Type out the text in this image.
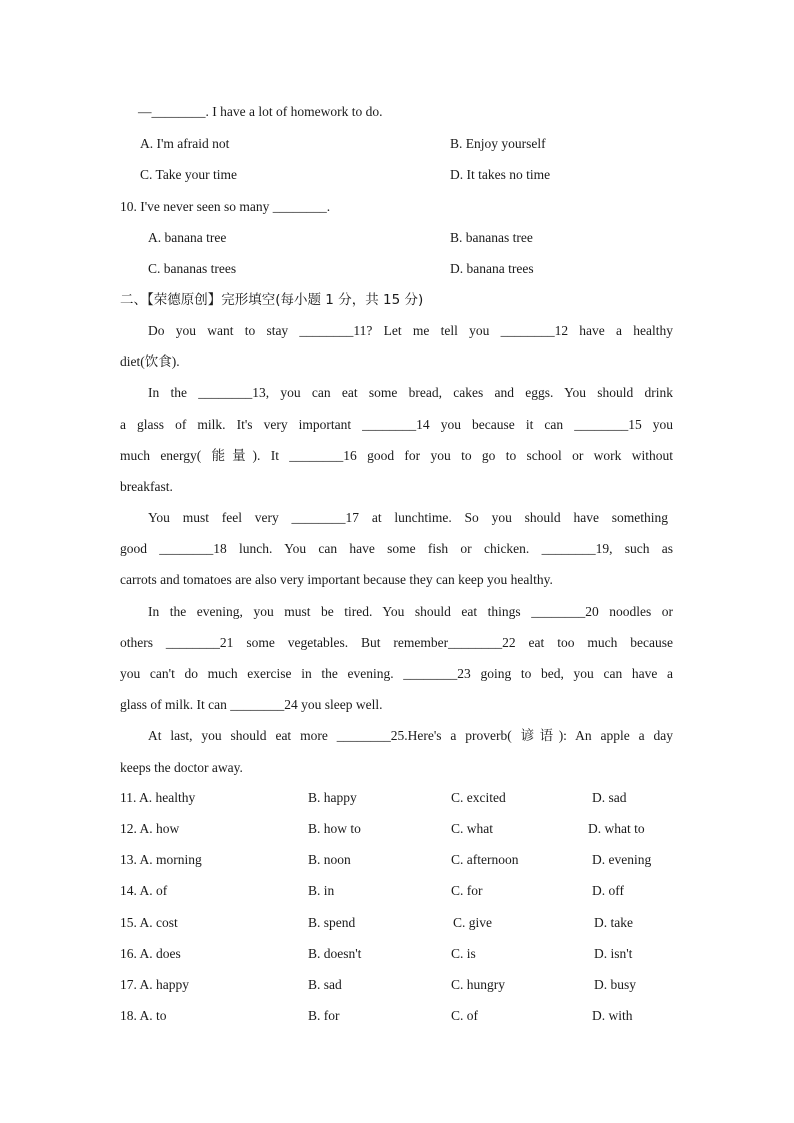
—________. I have a lot of homework to do.
A. I'm afraid not	B. Enjoy yourself
C. Take your time	D. It takes no time
10. I've never seen so many ________.
A. banana tree	B. bananas tree
C. bananas trees	D. banana trees
二、【荣德原创】完形填空(每小题 1 分，共 15 分)
Do you want to stay ________11? Let me tell you ________12 have a healthy
diet(饮食).
In the ________13, you can eat some bread, cakes and eggs. You should drink
a glass of milk. It's very important ________14 you because it can ________15 you
much energy( 能量). It ________16 good for you to go to school or work without
breakfast.
You must feel very ________17 at lunchtime. So you should have something
good ________18 lunch. You can have some fish or chicken. ________19, such as
carrots and tomatoes are also very important because they can keep you healthy.
In the evening, you must be tired. You should eat things ________20 noodles or
others ________21 some vegetables. But remember________22 eat too much because
you can't do much exercise in the evening. ________23 going to bed, you can have a
glass of milk. It can ________24 you sleep well.
At last, you should eat more ________25.Here's a proverb( 谚语): An apple a day
keeps the doctor away.
11. A. healthy	B. happy	C. excited	D. sad
12. A. how	B. how to	C. what	D. what to
13. A. morning	B. noon	C. afternoon	D. evening
14. A. of	B. in	C. for	D. off
15. A. cost	B. spend	C. give	D. take
16. A. does	B. doesn't	C. is	D. isn't
17. A. happy	B. sad	C. hungry	D. busy
18. A. to	B. for	C. of	D. with
